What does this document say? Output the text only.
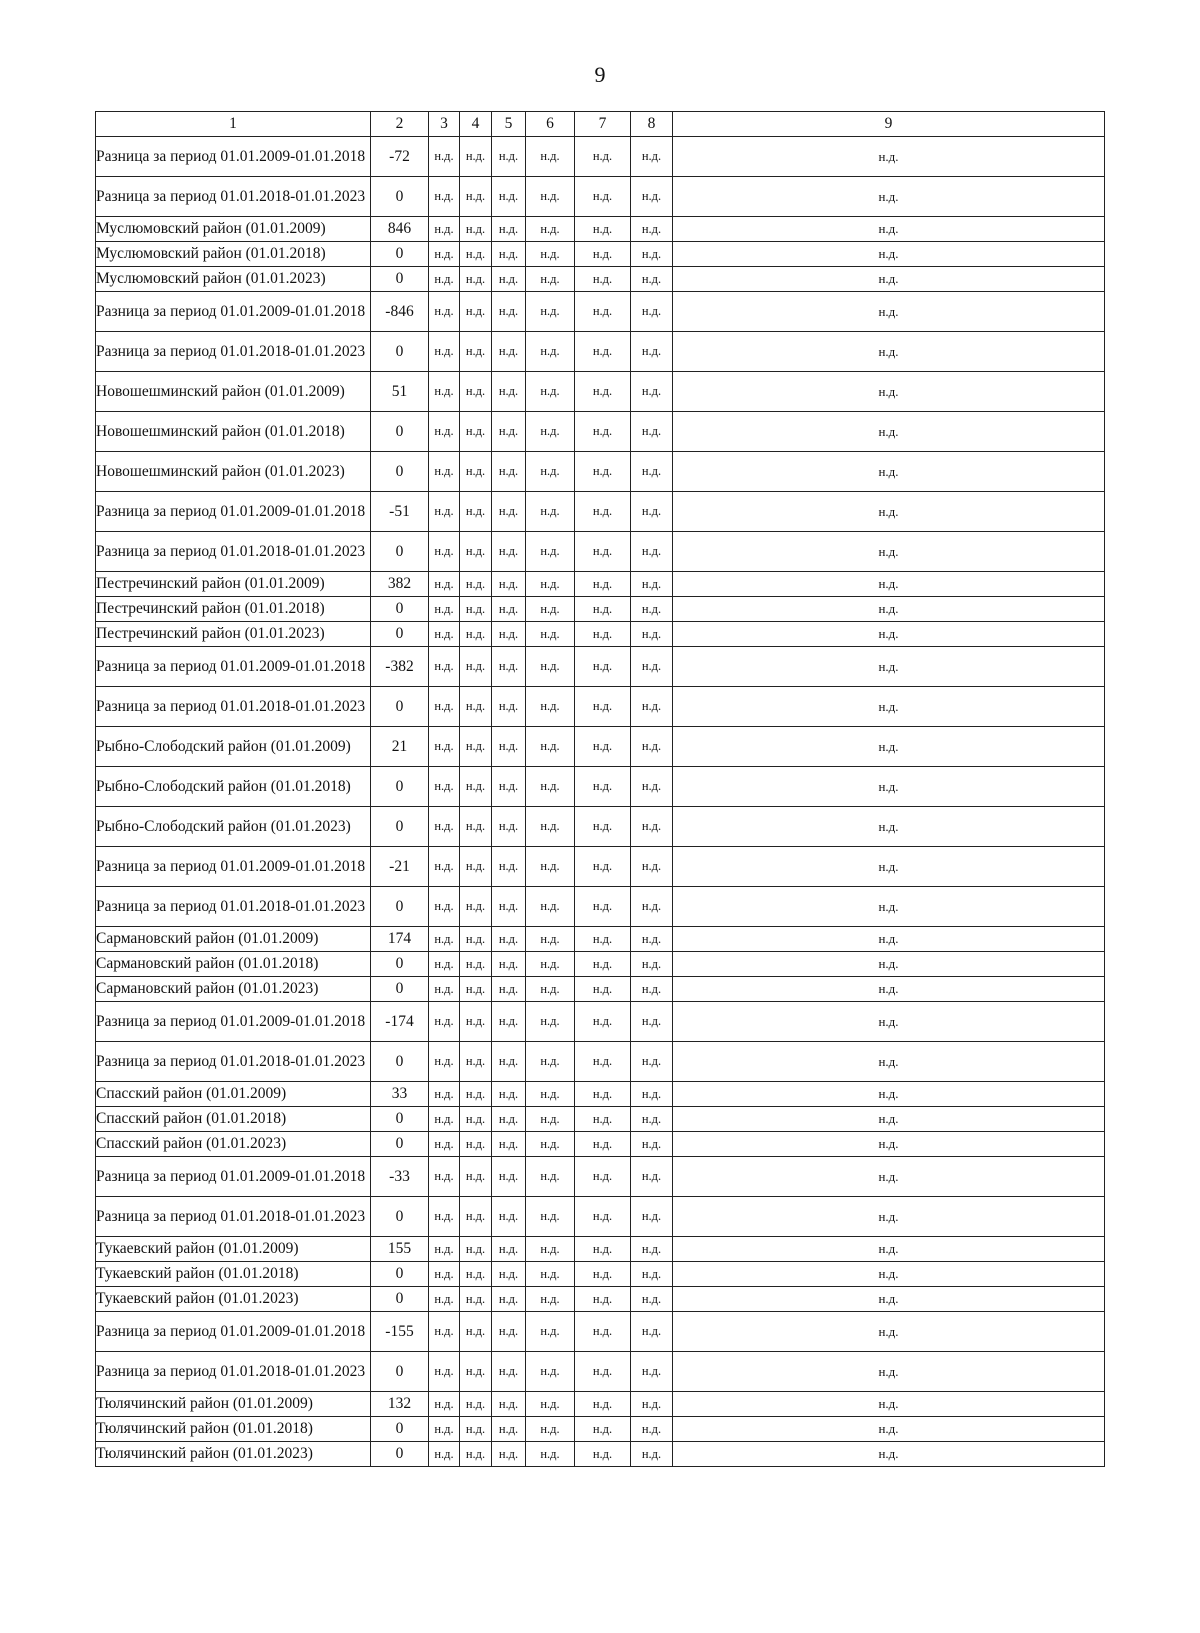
9
1	2	3	4	5	6	7	8	9
Разница за период 01.01.2009-01.01.2018	-72	н.д.	н.д.	н.д.	н.д.	н.д.	н.д.	н.д.
Разница за период 01.01.2018-01.01.2023	0	н.д.	н.д.	н.д.	н.д.	н.д.	н.д.	н.д.
Муслюмовский район (01.01.2009)	846	н.д.	н.д.	н.д.	н.д.	н.д.	н.д.	н.д.
Муслюмовский район (01.01.2018)	0	н.д.	н.д.	н.д.	н.д.	н.д.	н.д.	н.д.
Муслюмовский район (01.01.2023)	0	н.д.	н.д.	н.д.	н.д.	н.д.	н.д.	н.д.
Разница за период 01.01.2009-01.01.2018	-846	н.д.	н.д.	н.д.	н.д.	н.д.	н.д.	н.д.
Разница за период 01.01.2018-01.01.2023	0	н.д.	н.д.	н.д.	н.д.	н.д.	н.д.	н.д.
Новошешминский район (01.01.2009)	51	н.д.	н.д.	н.д.	н.д.	н.д.	н.д.	н.д.
Новошешминский район (01.01.2018)	0	н.д.	н.д.	н.д.	н.д.	н.д.	н.д.	н.д.
Новошешминский район (01.01.2023)	0	н.д.	н.д.	н.д.	н.д.	н.д.	н.д.	н.д.
Разница за период 01.01.2009-01.01.2018	-51	н.д.	н.д.	н.д.	н.д.	н.д.	н.д.	н.д.
Разница за период 01.01.2018-01.01.2023	0	н.д.	н.д.	н.д.	н.д.	н.д.	н.д.	н.д.
Пестречинский район (01.01.2009)	382	н.д.	н.д.	н.д.	н.д.	н.д.	н.д.	н.д.
Пестречинский район (01.01.2018)	0	н.д.	н.д.	н.д.	н.д.	н.д.	н.д.	н.д.
Пестречинский район (01.01.2023)	0	н.д.	н.д.	н.д.	н.д.	н.д.	н.д.	н.д.
Разница за период 01.01.2009-01.01.2018	-382	н.д.	н.д.	н.д.	н.д.	н.д.	н.д.	н.д.
Разница за период 01.01.2018-01.01.2023	0	н.д.	н.д.	н.д.	н.д.	н.д.	н.д.	н.д.
Рыбно-Слободский район (01.01.2009)	21	н.д.	н.д.	н.д.	н.д.	н.д.	н.д.	н.д.
Рыбно-Слободский район (01.01.2018)	0	н.д.	н.д.	н.д.	н.д.	н.д.	н.д.	н.д.
Рыбно-Слободский район (01.01.2023)	0	н.д.	н.д.	н.д.	н.д.	н.д.	н.д.	н.д.
Разница за период 01.01.2009-01.01.2018	-21	н.д.	н.д.	н.д.	н.д.	н.д.	н.д.	н.д.
Разница за период 01.01.2018-01.01.2023	0	н.д.	н.д.	н.д.	н.д.	н.д.	н.д.	н.д.
Сармановский район (01.01.2009)	174	н.д.	н.д.	н.д.	н.д.	н.д.	н.д.	н.д.
Сармановский район (01.01.2018)	0	н.д.	н.д.	н.д.	н.д.	н.д.	н.д.	н.д.
Сармановский район (01.01.2023)	0	н.д.	н.д.	н.д.	н.д.	н.д.	н.д.	н.д.
Разница за период 01.01.2009-01.01.2018	-174	н.д.	н.д.	н.д.	н.д.	н.д.	н.д.	н.д.
Разница за период 01.01.2018-01.01.2023	0	н.д.	н.д.	н.д.	н.д.	н.д.	н.д.	н.д.
Спасский район (01.01.2009)	33	н.д.	н.д.	н.д.	н.д.	н.д.	н.д.	н.д.
Спасский район (01.01.2018)	0	н.д.	н.д.	н.д.	н.д.	н.д.	н.д.	н.д.
Спасский район (01.01.2023)	0	н.д.	н.д.	н.д.	н.д.	н.д.	н.д.	н.д.
Разница за период 01.01.2009-01.01.2018	-33	н.д.	н.д.	н.д.	н.д.	н.д.	н.д.	н.д.
Разница за период 01.01.2018-01.01.2023	0	н.д.	н.д.	н.д.	н.д.	н.д.	н.д.	н.д.
Тукаевский район (01.01.2009)	155	н.д.	н.д.	н.д.	н.д.	н.д.	н.д.	н.д.
Тукаевский район (01.01.2018)	0	н.д.	н.д.	н.д.	н.д.	н.д.	н.д.	н.д.
Тукаевский район (01.01.2023)	0	н.д.	н.д.	н.д.	н.д.	н.д.	н.д.	н.д.
Разница за период 01.01.2009-01.01.2018	-155	н.д.	н.д.	н.д.	н.д.	н.д.	н.д.	н.д.
Разница за период 01.01.2018-01.01.2023	0	н.д.	н.д.	н.д.	н.д.	н.д.	н.д.	н.д.
Тюлячинский район (01.01.2009)	132	н.д.	н.д.	н.д.	н.д.	н.д.	н.д.	н.д.
Тюлячинский район (01.01.2018)	0	н.д.	н.д.	н.д.	н.д.	н.д.	н.д.	н.д.
Тюлячинский район (01.01.2023)	0	н.д.	н.д.	н.д.	н.д.	н.д.	н.д.	н.д.
